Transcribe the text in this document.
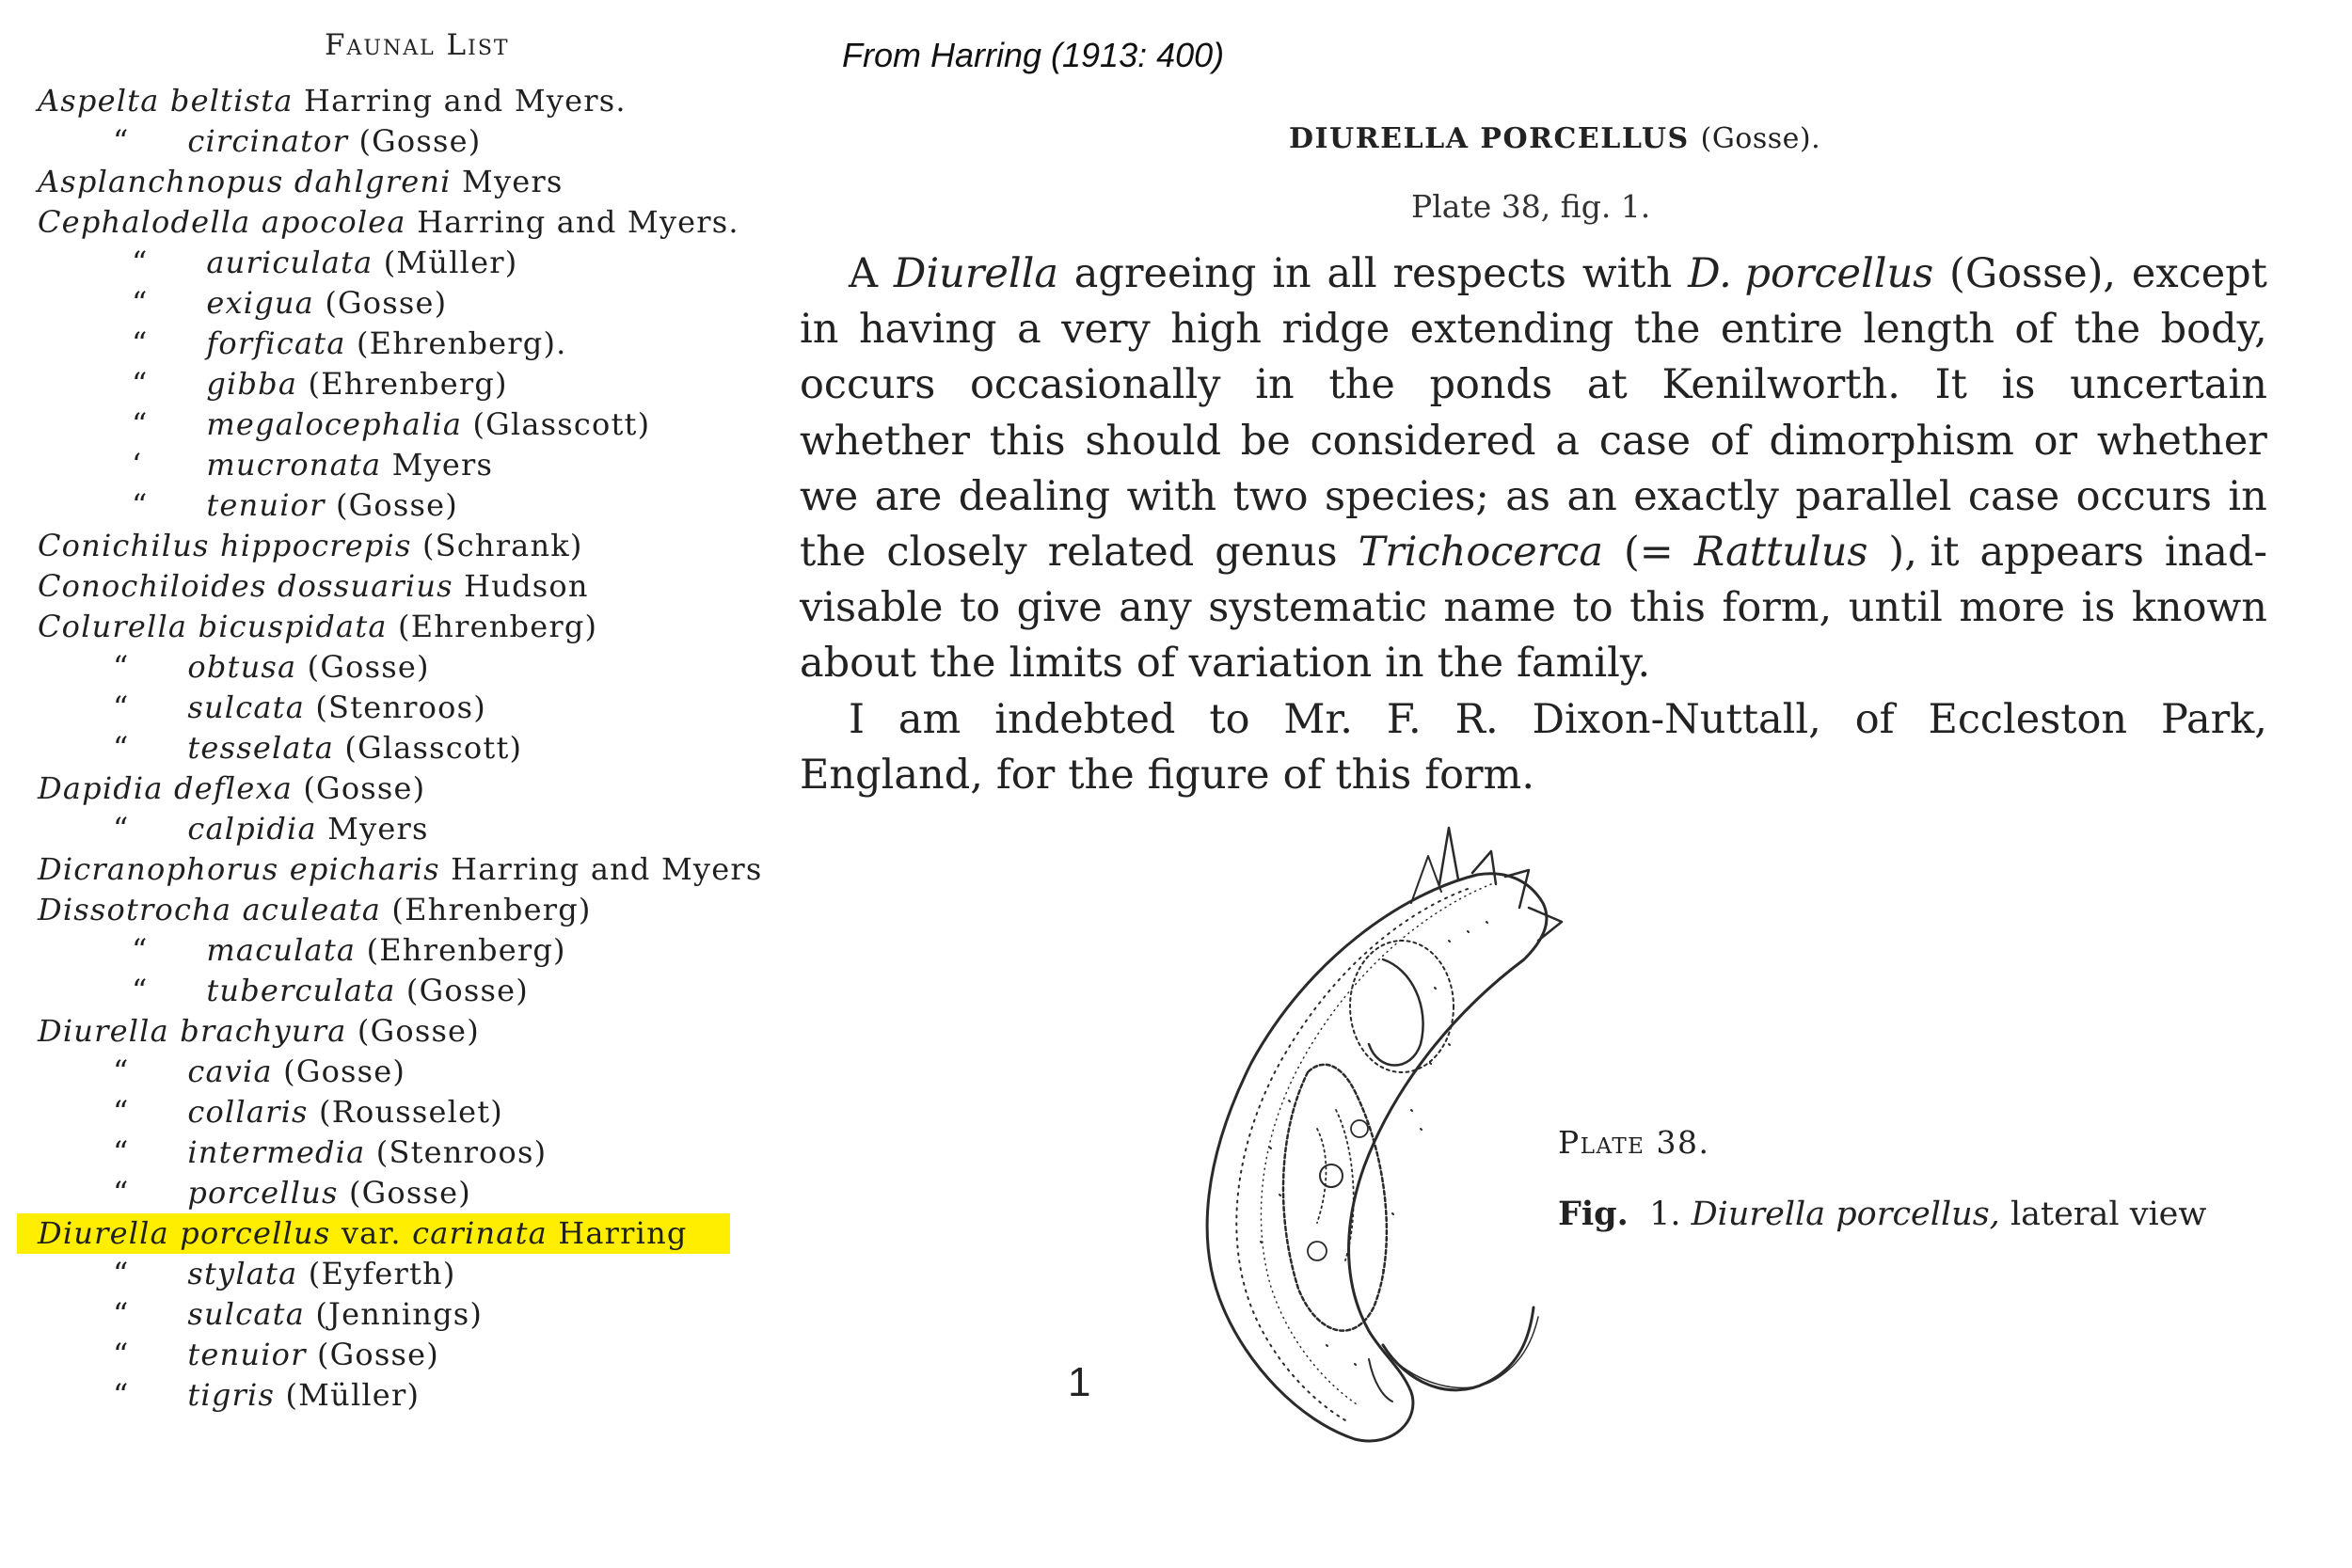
Faunal List
Aspelta beltista Harring and Myers.
“ circinator (Gosse)
Asplanchnopus dahlgreni Myers
Cephalodella apocolea Harring and Myers.
“ auriculata (Müller)
“ exigua (Gosse)
“ forficata (Ehrenberg).
“ gibba (Ehrenberg)
“ megalocephalia (Glasscott)
‘ mucronata Myers
“ tenuior (Gosse)
Conichilus hippocrepis (Schrank)
Conochiloides dossuarius Hudson
Colurella bicuspidata (Ehrenberg)
“ obtusa (Gosse)
“ sulcata (Stenroos)
“ tesselata (Glasscott)
Dapidia deflexa (Gosse)
“ calpidia Myers
Dicranophorus epicharis Harring and Myers
Dissotrocha aculeata (Ehrenberg)
“ maculata (Ehrenberg)
“ tuberculata (Gosse)
Diurella brachyura (Gosse)
“ cavia (Gosse)
“ collaris (Rousselet)
“ intermedia (Stenroos)
“ porcellus (Gosse)
Diurella porcellus var. carinata Harring
“ stylata (Eyferth)
“ sulcata (Jennings)
“ tenuior (Gosse)
“ tigris (Müller)
From Harring (1913: 400)
DIURELLA PORCELLUS (Gosse).
Plate 38, fig. 1.
A Diurella agreeing in all respects with D. porcellus (Gosse), except
in having a very high ridge extending the entire length of the body,
occurs occasionally in the ponds at Kenilworth. It is uncertain
whether this should be considered a case of dimorphism or whether
we are dealing with two species; as an exactly parallel case occurs in
the closely related genus Trichocerca (= Rattulus ), it appears inad-
visable to give any systematic name to this form, until more is known
about the limits of variation in the family.
I am indebted to Mr. F. R. Dixon-Nuttall, of Eccleston Park,
England, for the figure of this form.
1
Plate 38.
Fig. 1. Diurella porcellus, lateral view
